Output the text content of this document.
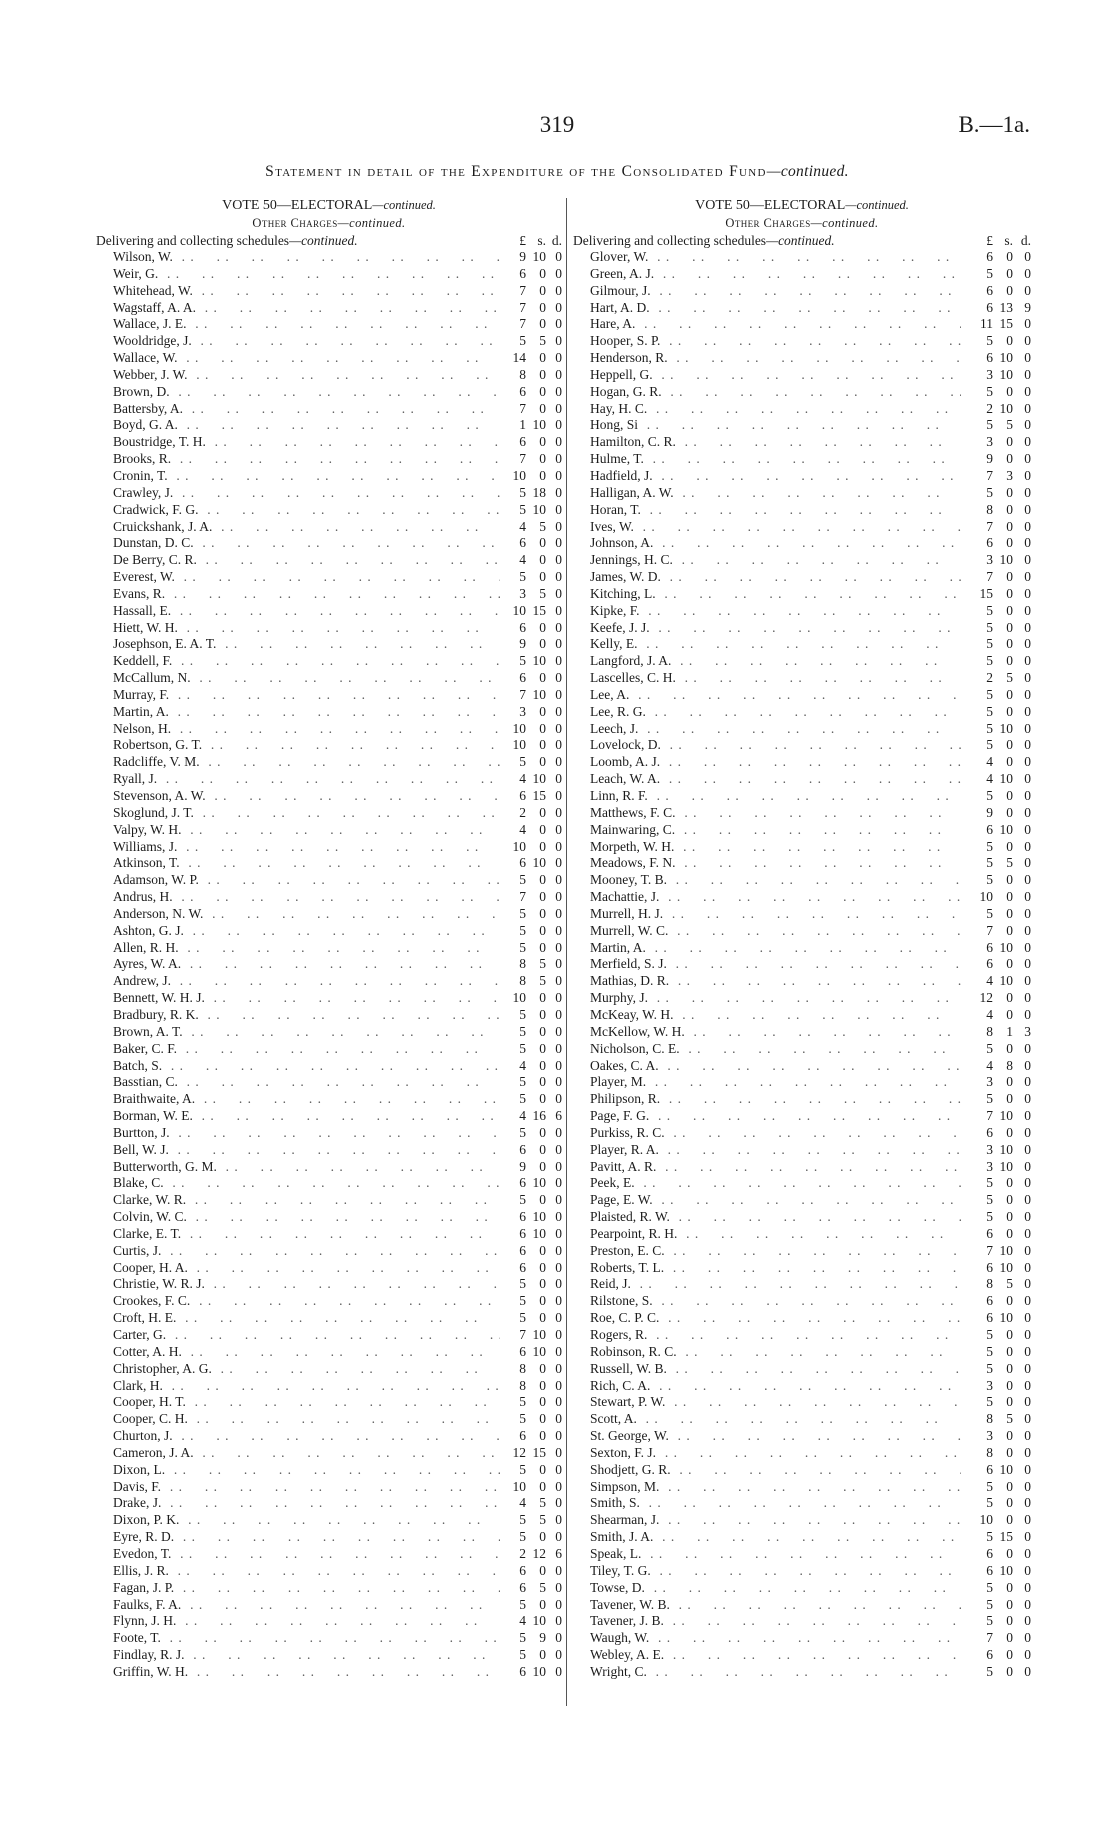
319	B.—1a.
Statement in detail of the Expenditure of the Consolidated Fund—continued.
VOTE 50—ELECTORAL—continued.
Other Charges—continued.
Delivering and collecting schedules—continued.	£ s. d.
Wilson, W. . .	9 10 0
Weir, G. . .	6 0 0
Whitehead, W. . .	7 0 0
Wagstaff, A. A. . .	7 0 0
Wallace, J. E. . .	7 0 0
Wooldridge, J. . .	5 5 0
Wallace, W. . .	14 0 0
Webber, J. W. . .	8 0 0
Brown, D. . .	6 0 0
Battersby, A. . .	7 0 0
Boyd, G. A. . .	1 10 0
Boustridge, T. H. . .	6 0 0
Brooks, R. . .	7 0 0
Cronin, T. . .	10 0 0
Crawley, J. . .	5 18 0
Cradwick, F. G. . .	5 10 0
Cruickshank, J. A. . .	4 5 0
Dunstan, D. C. . .	6 0 0
De Berry, C. R. . .	4 0 0
Everest, W. . .	5 0 0
Evans, R. . .	3 5 0
Hassall, E. . .	10 15 0
Hiett, W. H. . .	6 0 0
Josephson, E. A. T. . .	9 0 0
Keddell, F. . .	5 10 0
McCallum, N. . .	6 0 0
Murray, F. . .	7 10 0
Martin, A. . .	3 0 0
Nelson, H. . .	10 0 0
Robertson, G. T. . .	10 0 0
Radcliffe, V. M. . .	5 0 0
Ryall, J. . .	4 10 0
Stevenson, A. W. . .	6 15 0
Skoglund, J. T. . .	2 0 0
Valpy, W. H. . .	4 0 0
Williams, J. . .	10 0 0
Atkinson, T. . .	6 10 0
Adamson, W. P. . .	5 0 0
Andrus, H. . .	7 0 0
Anderson, N. W. . .	5 0 0
Ashton, G. J. . .	5 0 0
Allen, R. H. . .	5 0 0
Ayres, W. A. . .	8 5 0
Andrew, J. . .	8 5 0
Bennett, W. H. J. . .	10 0 0
Bradbury, R. K. . .	5 0 0
Brown, A. T. . .	5 0 0
Baker, C. F. . .	5 0 0
Batch, S. . .	4 0 0
Basstian, C. . .	5 0 0
Braithwaite, A. . .	5 0 0
Borman, W. E. . .	4 16 6
Burtton, J. . .	5 0 0
Bell, W. J. . .	6 0 0
Butterworth, G. M. . .	9 0 0
Blake, C. . .	6 10 0
Clarke, W. R. . .	5 0 0
Colvin, W. C. . .	6 10 0
Clarke, E. T. . .	6 10 0
Curtis, J. . .	6 0 0
Cooper, H. A. . .	6 0 0
Christie, W. R. J. . .	5 0 0
Crookes, F. C. . .	5 0 0
Croft, H. E. . .	5 0 0
Carter, G. . .	7 10 0
Cotter, A. H. . .	6 10 0
Christopher, A. G. . .	8 0 0
Clark, H. . .	8 0 0
Cooper, H. T. . .	5 0 0
Cooper, C. H. . .	5 0 0
Churton, J. . .	6 0 0
Cameron, J. A. . .	12 15 0
Dixon, L. . .	5 0 0
Davis, F. . .	10 0 0
Drake, J. . .	4 5 0
Dixon, P. K. . .	5 5 0
Eyre, R. D. . .	5 0 0
Evedon, T. . .	2 12 6
Ellis, J. R. . .	6 0 0
Fagan, J. P. . .	6 5 0
Faulks, F. A. . .	5 0 0
Flynn, J. H. . .	4 10 0
Foote, T. . .	5 9 0
Findlay, R. J. . .	5 0 0
Griffin, W. H. . .	6 10 0
VOTE 50—ELECTORAL—continued.
Other Charges—continued.
Delivering and collecting schedules—continued.	£ s. d.
Glover, W. . .	6 0 0
Green, A. J. . .	5 0 0
Gilmour, J. . .	6 0 0
Hart, A. D. . .	6 13 9
Hare, A. . .	11 15 0
Hooper, S. P. . .	5 0 0
Henderson, R. . .	6 10 0
Heppell, G. . .	3 10 0
Hogan, G. R. . .	5 0 0
Hay, H. C. . .	2 10 0
Hong, Si . .	5 5 0
Hamilton, C. R. . .	3 0 0
Hulme, T. . .	9 0 0
Hadfield, J. . .	7 3 0
Halligan, A. W. . .	5 0 0
Horan, T. . .	8 0 0
Ives, W. . .	7 0 0
Johnson, A. . .	6 0 0
Jennings, H. C. . .	3 10 0
James, W. D. . .	7 0 0
Kitching, L. . .	15 0 0
Kipke, F. . .	5 0 0
Keefe, J. J. . .	5 0 0
Kelly, E. . .	5 0 0
Langford, J. A. . .	5 0 0
Lascelles, C. H. . .	2 5 0
Lee, A. . .	5 0 0
Lee, R. G. . .	5 0 0
Leech, J. . .	5 10 0
Lovelock, D. . .	5 0 0
Loomb, A. J. . .	4 0 0
Leach, W. A. . .	4 10 0
Linn, R. F. . .	5 0 0
Matthews, F. C. . .	9 0 0
Mainwaring, C. . .	6 10 0
Morpeth, W. H. . .	5 0 0
Meadows, F. N. . .	5 5 0
Mooney, T. B. . .	5 0 0
Machattie, J. . .	10 0 0
Murrell, H. J. . .	5 0 0
Murrell, W. C. . .	7 0 0
Martin, A. . .	6 10 0
Merfield, S. J. . .	6 0 0
Mathias, D. R. . .	4 10 0
Murphy, J. . .	12 0 0
McKeay, W. H. . .	4 0 0
McKellow, W. H. . .	8 1 3
Nicholson, C. E. . .	5 0 0
Oakes, C. A. . .	4 8 0
Player, M. . .	3 0 0
Philipson, R. . .	5 0 0
Page, F. G. . .	7 10 0
Purkiss, R. C. . .	6 0 0
Player, R. A. . .	3 10 0
Pavitt, A. R. . .	3 10 0
Peek, E. . .	5 0 0
Page, E. W. . .	5 0 0
Plaisted, R. W. . .	5 0 0
Pearpoint, R. H. . .	6 0 0
Preston, E. C. . .	7 10 0
Roberts, T. L. . .	6 10 0
Reid, J. . .	8 5 0
Rilstone, S. . .	6 0 0
Roe, C. P. C. . .	6 10 0
Rogers, R. . .	5 0 0
Robinson, R. C. . .	5 0 0
Russell, W. B. . .	5 0 0
Rich, C. A. . .	3 0 0
Stewart, P. W. . .	5 0 0
Scott, A. . .	8 5 0
St. George, W. . .	3 0 0
Sexton, F. J. . .	8 0 0
Shodjett, G. R. . .	6 10 0
Simpson, M. . .	5 0 0
Smith, S. . .	5 0 0
Shearman, J. . .	10 0 0
Smith, J. A. . .	5 15 0
Speak, L. . .	6 0 0
Tiley, T. G. . .	6 10 0
Towse, D. . .	5 0 0
Tavener, W. B. . .	5 0 0
Tavener, J. B. . .	5 0 0
Waugh, W. . .	7 0 0
Webley, A. E. . .	6 0 0
Wright, C. . .	5 0 0
